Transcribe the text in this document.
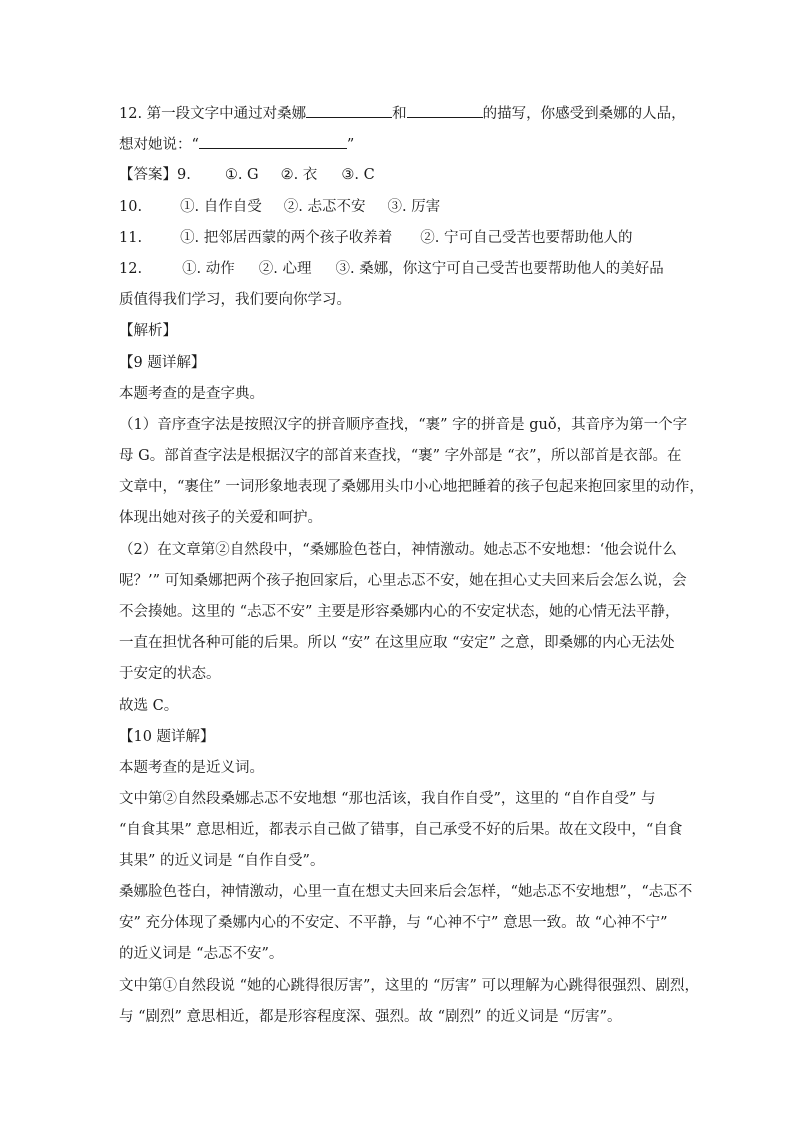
12. 第一段文字中通过对桑娜	和	的描写，你感受到桑娜的人品，
想对她说：“	”
【答案】9. ①. G ②. 衣 ③. C
10.	①. 自作自受 ②. 忐忑不安 ③. 厉害
11.	①. 把邻居西蒙的两个孩子收养着 ②. 宁可自己受苦也要帮助他人的
12.	①. 动作 ②. 心理 ③. 桑娜，你这宁可自己受苦也要帮助他人的美好品
质值得我们学习，我们要向你学习。
【解析】
【9 题详解】
本题考查的是查字典。
（1）音序查字法是按照汉字的拼音顺序查找，“裹” 字的拼音是 guǒ，其音序为第一个字
母 G。部首查字法是根据汉字的部首来查找，“裹” 字外部是 “衣”，所以部首是衣部。在
文章中，“裹住” 一词形象地表现了桑娜用头巾小心地把睡着的孩子包起来抱回家里的动作，
体现出她对孩子的关爱和呵护。
（2）在文章第②自然段中，“桑娜脸色苍白，神情激动。她忐忑不安地想：‘他会说什么
呢？’” 可知桑娜把两个孩子抱回家后，心里忐忑不安，她在担心丈夫回来后会怎么说，会
不会揍她。这里的 “忐忑不安” 主要是形容桑娜内心的不安定状态，她的心情无法平静，
一直在担忧各种可能的后果。所以 “安” 在这里应取 “安定” 之意，即桑娜的内心无法处
于安定的状态。
故选 C。
【10 题详解】
本题考查的是近义词。
文中第②自然段桑娜忐忑不安地想 “那也活该，我自作自受”，这里的 “自作自受” 与
“自食其果” 意思相近，都表示自己做了错事，自己承受不好的后果。故在文段中，“自食
其果” 的近义词是 “自作自受”。
桑娜脸色苍白，神情激动，心里一直在想丈夫回来后会怎样，“她忐忑不安地想”，“忐忑不
安” 充分体现了桑娜内心的不安定、不平静，与 “心神不宁” 意思一致。故 “心神不宁”
的近义词是 “忐忑不安”。
文中第①自然段说 “她的心跳得很厉害”，这里的 “厉害” 可以理解为心跳得很强烈、剧烈，
与 “剧烈” 意思相近，都是形容程度深、强烈。故 “剧烈” 的近义词是 “厉害”。
